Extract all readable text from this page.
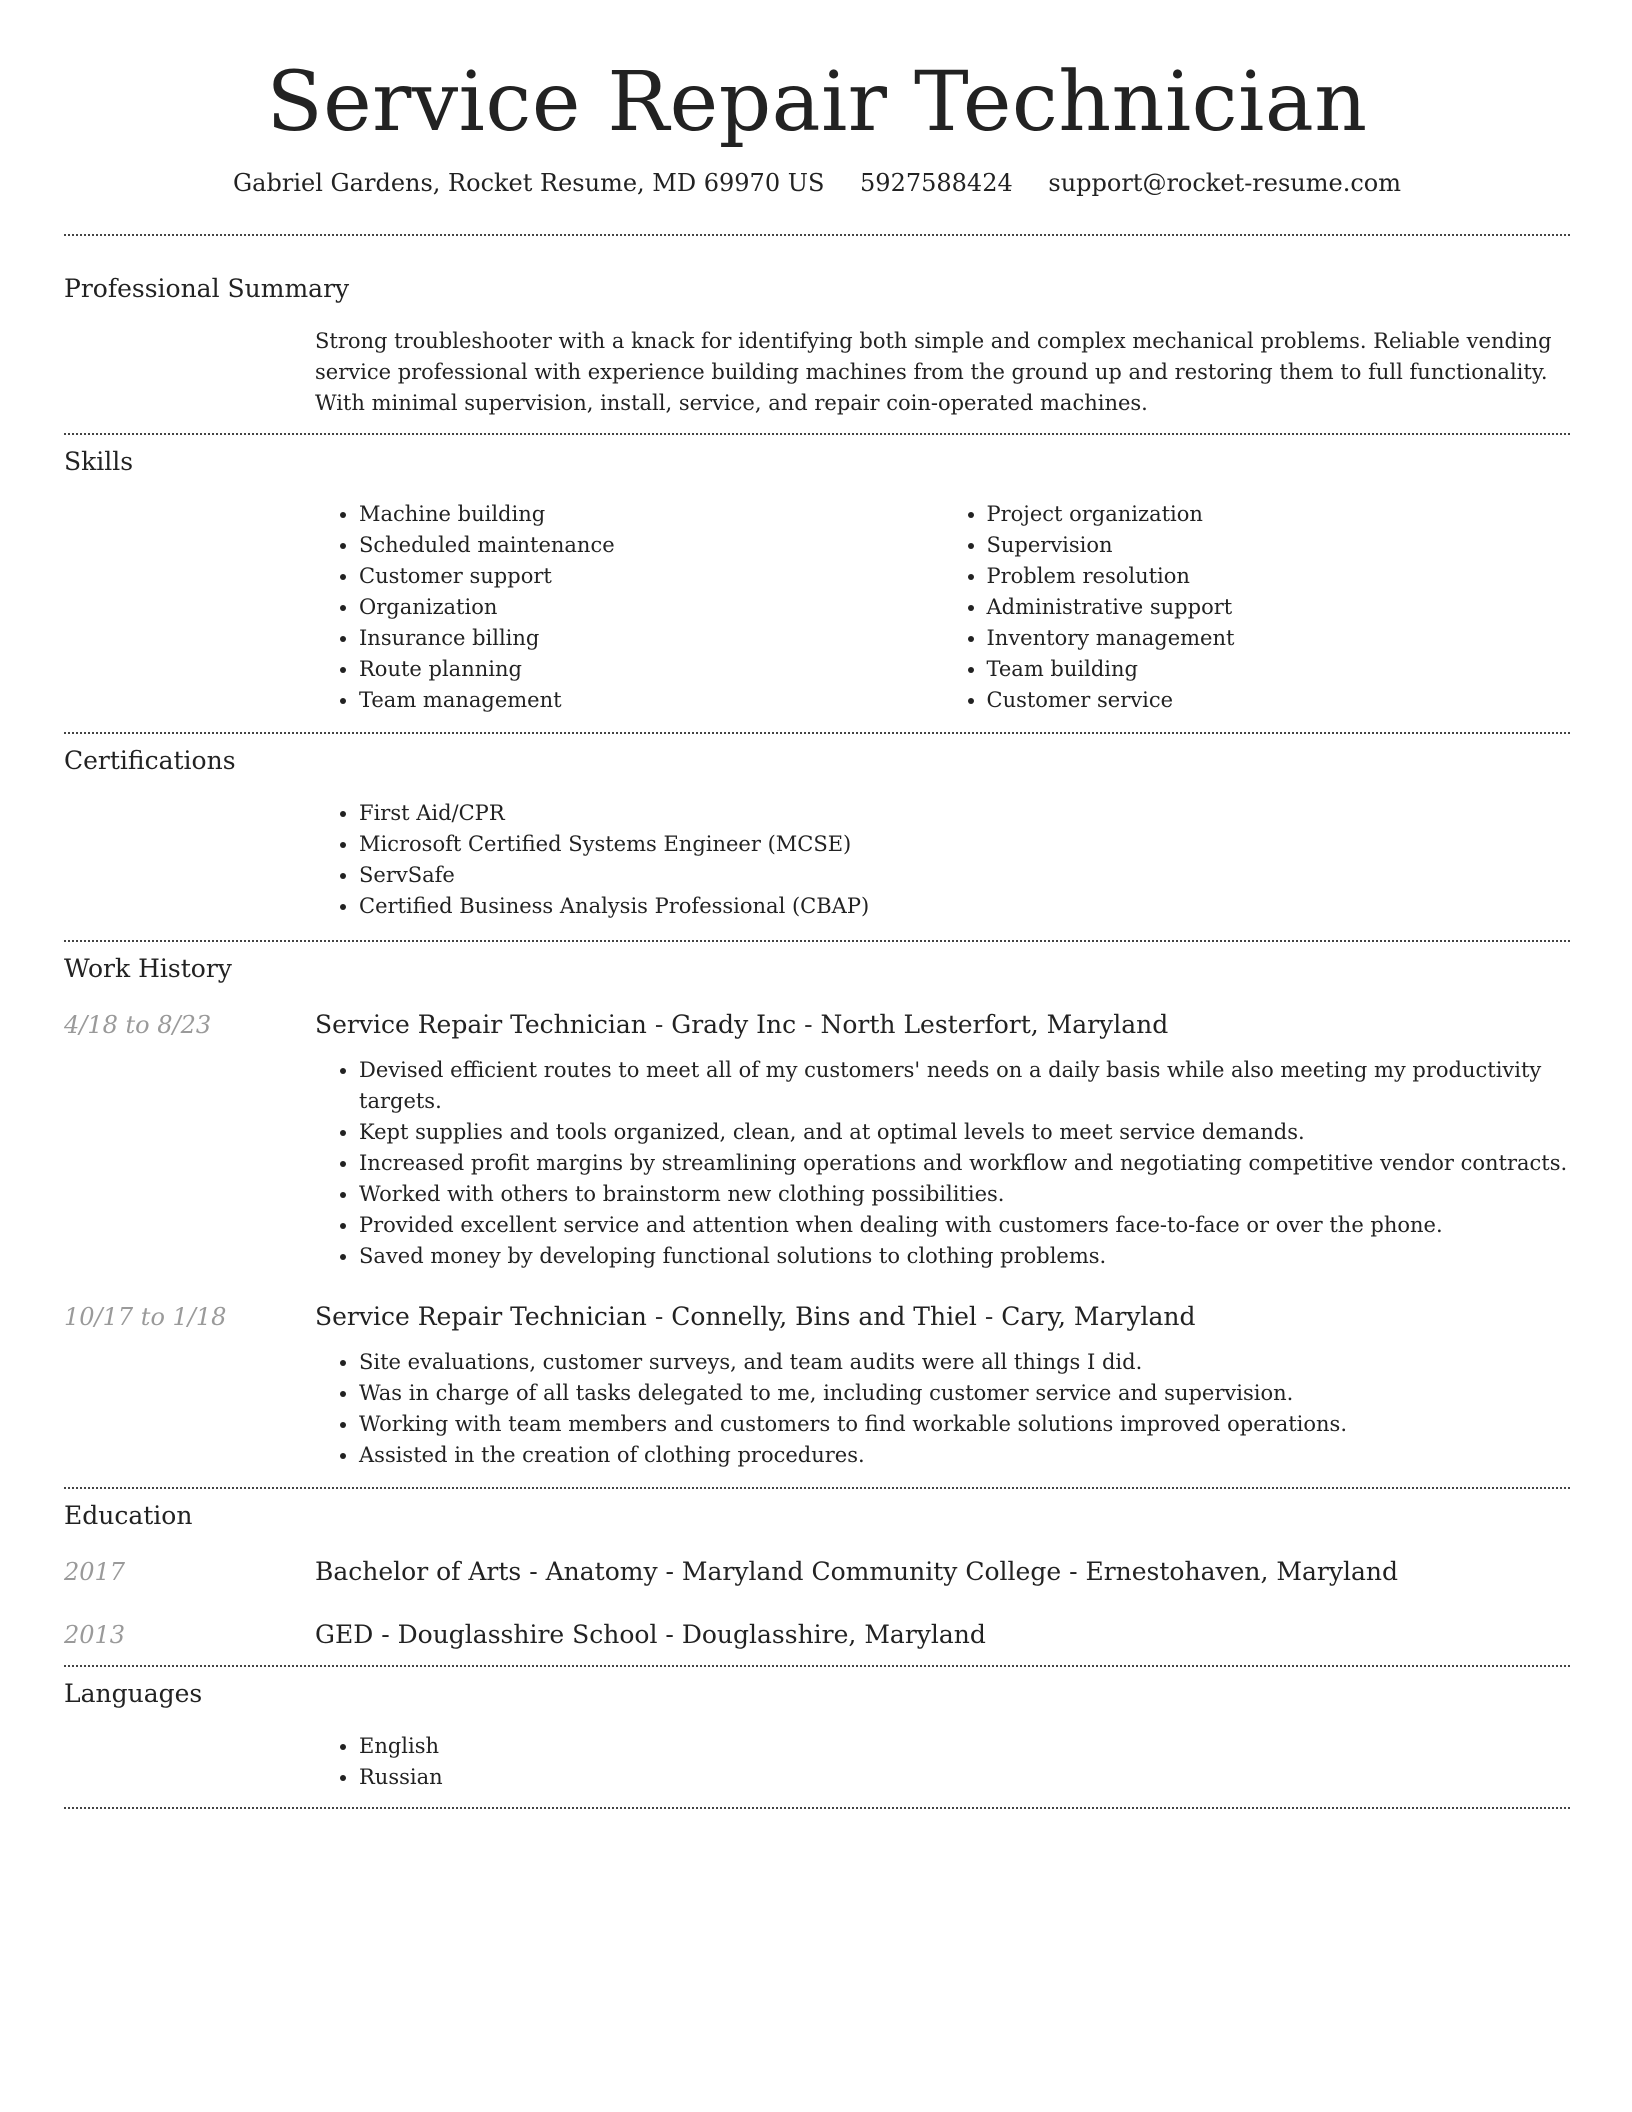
Service Repair Technician
Gabriel Gardens, Rocket Resume, MD 69970 US 5927588424 support@rocket-resume.com
Professional Summary
Strong troubleshooter with a knack for identifying both simple and complex mechanical problems. Reliable vending service professional with experience building machines from the ground up and restoring them to full functionality. With minimal supervision, install, service, and repair coin-operated machines.
Skills
• Machine building
• Scheduled maintenance
• Customer support
• Organization
• Insurance billing
• Route planning
• Team management
• Project organization
• Supervision
• Problem resolution
• Administrative support
• Inventory management
• Team building
• Customer service
Certifications
• First Aid/CPR
• Microsoft Certified Systems Engineer (MCSE)
• ServSafe
• Certified Business Analysis Professional (CBAP)
Work History
4/18 to 8/23	Service Repair Technician - Grady Inc - North Lesterfort, Maryland
• Devised efficient routes to meet all of my customers' needs on a daily basis while also meeting my productivity targets.
• Kept supplies and tools organized, clean, and at optimal levels to meet service demands.
• Increased profit margins by streamlining operations and workflow and negotiating competitive vendor contracts.
• Worked with others to brainstorm new clothing possibilities.
• Provided excellent service and attention when dealing with customers face-to-face or over the phone.
• Saved money by developing functional solutions to clothing problems.
10/17 to 1/18	Service Repair Technician - Connelly, Bins and Thiel - Cary, Maryland
• Site evaluations, customer surveys, and team audits were all things I did.
• Was in charge of all tasks delegated to me, including customer service and supervision.
• Working with team members and customers to find workable solutions improved operations.
• Assisted in the creation of clothing procedures.
Education
2017	Bachelor of Arts - Anatomy - Maryland Community College - Ernestohaven, Maryland
2013	GED - Douglasshire School - Douglasshire, Maryland
Languages
• English
• Russian
